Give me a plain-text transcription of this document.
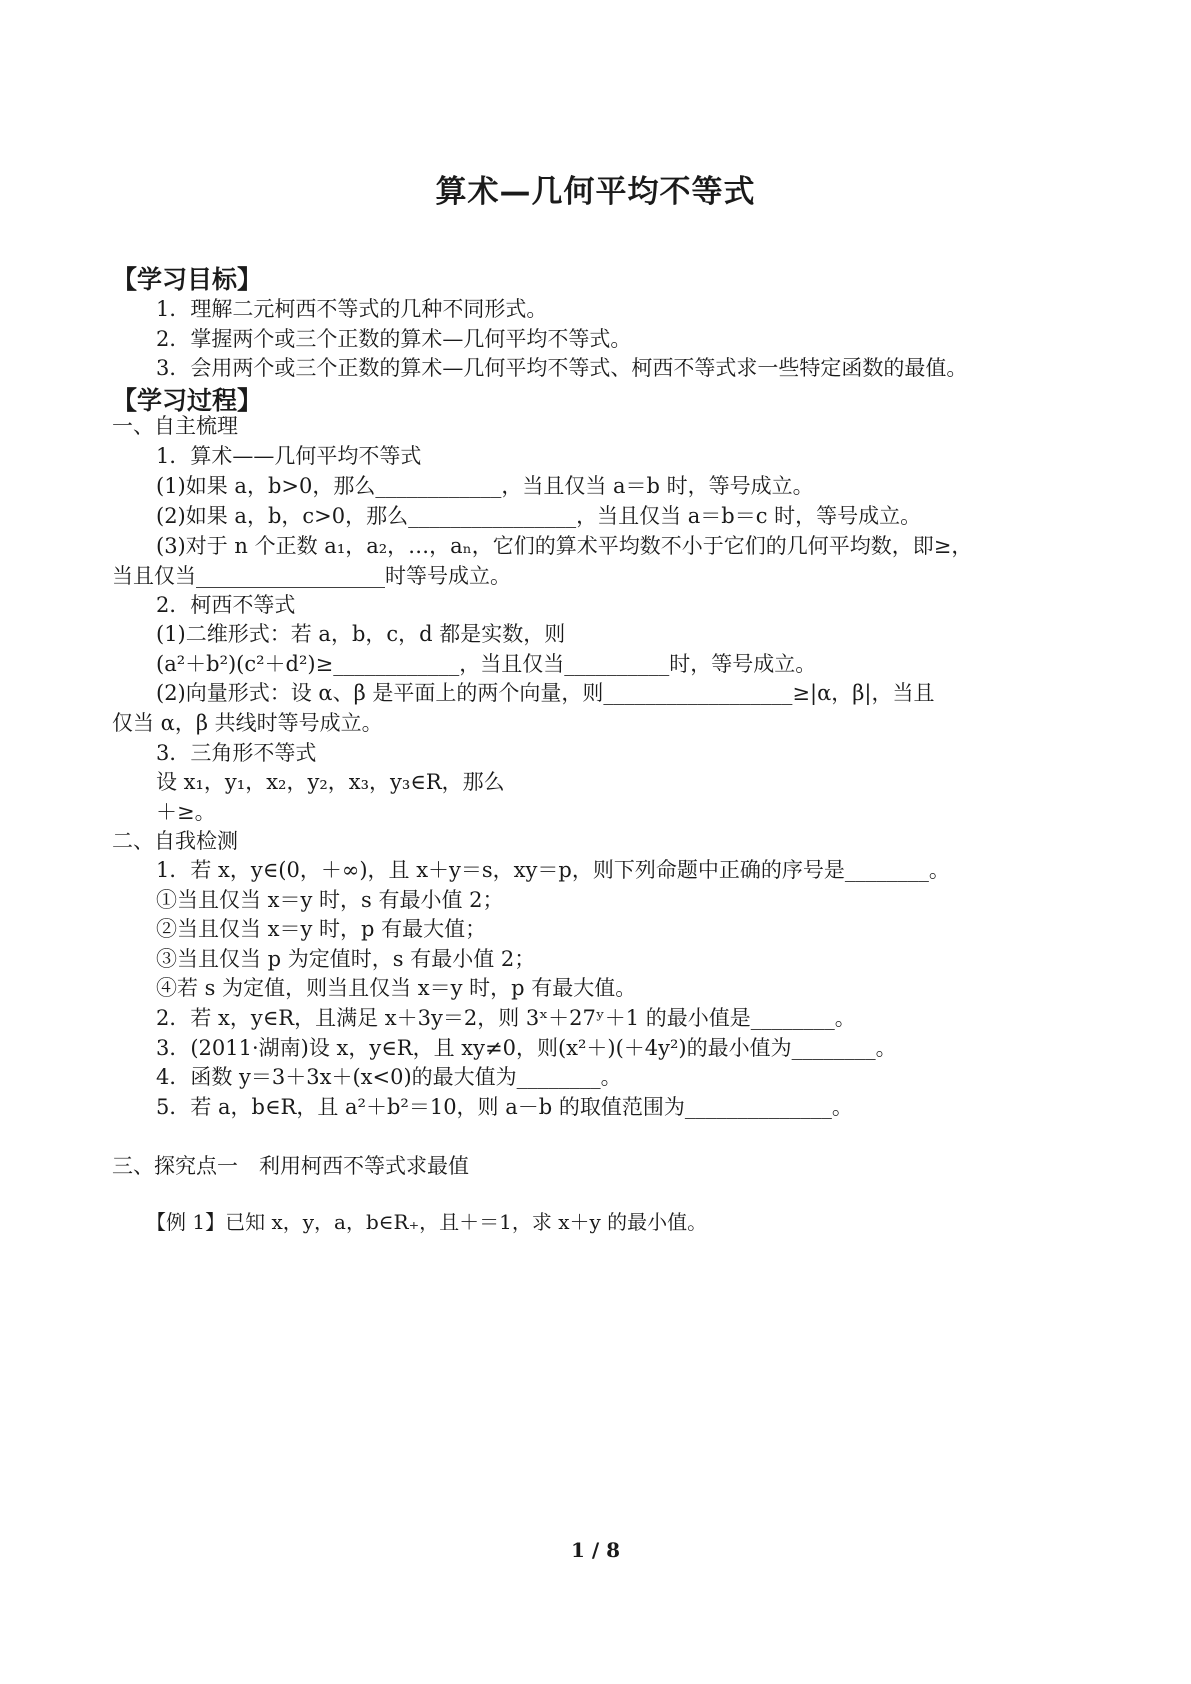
算术—几何平均不等式
【学习目标】
1．理解二元柯西不等式的几种不同形式。
2．掌握两个或三个正数的算术—几何平均不等式。
3．会用两个或三个正数的算术—几何平均不等式、柯西不等式求一些特定函数的最值。
【学习过程】
一、自主梳理
1．算术——几何平均不等式
(1)如果 a，b>0，那么____________，当且仅当 a＝b 时，等号成立。
(2)如果 a，b，c>0，那么________________，当且仅当 a＝b＝c 时，等号成立。
(3)对于 n 个正数 a₁，a₂，…，aₙ，它们的算术平均数不小于它们的几何平均数，即≥，
当且仅当__________________时等号成立。
2．柯西不等式
(1)二维形式：若 a，b，c，d 都是实数，则
(a²＋b²)(c²＋d²)≥____________，当且仅当__________时，等号成立。
(2)向量形式：设 α、β 是平面上的两个向量，则__________________≥|α，β|，当且
仅当 α，β 共线时等号成立。
3．三角形不等式
设 x₁，y₁，x₂，y₂，x₃，y₃∈R，那么
＋≥。
二、自我检测
1．若 x，y∈(0，＋∞)，且 x＋y＝s，xy＝p，则下列命题中正确的序号是________。
①当且仅当 x＝y 时，s 有最小值 2；
②当且仅当 x＝y 时，p 有最大值；
③当且仅当 p 为定值时，s 有最小值 2；
④若 s 为定值，则当且仅当 x＝y 时，p 有最大值。
2．若 x，y∈R，且满足 x＋3y＝2，则 3ˣ＋27ʸ＋1 的最小值是________。
3．(2011·湖南)设 x，y∈R，且 xy≠0，则(x²＋)(＋4y²)的最小值为________。
4．函数 y＝3＋3x＋(x<0)的最大值为________。
5．若 a，b∈R，且 a²＋b²＝10，则 a－b 的取值范围为______________。
三、探究点一　利用柯西不等式求最值
【例 1】已知 x，y，a，b∈R₊，且＋＝1，求 x＋y 的最小值。
1 / 8
